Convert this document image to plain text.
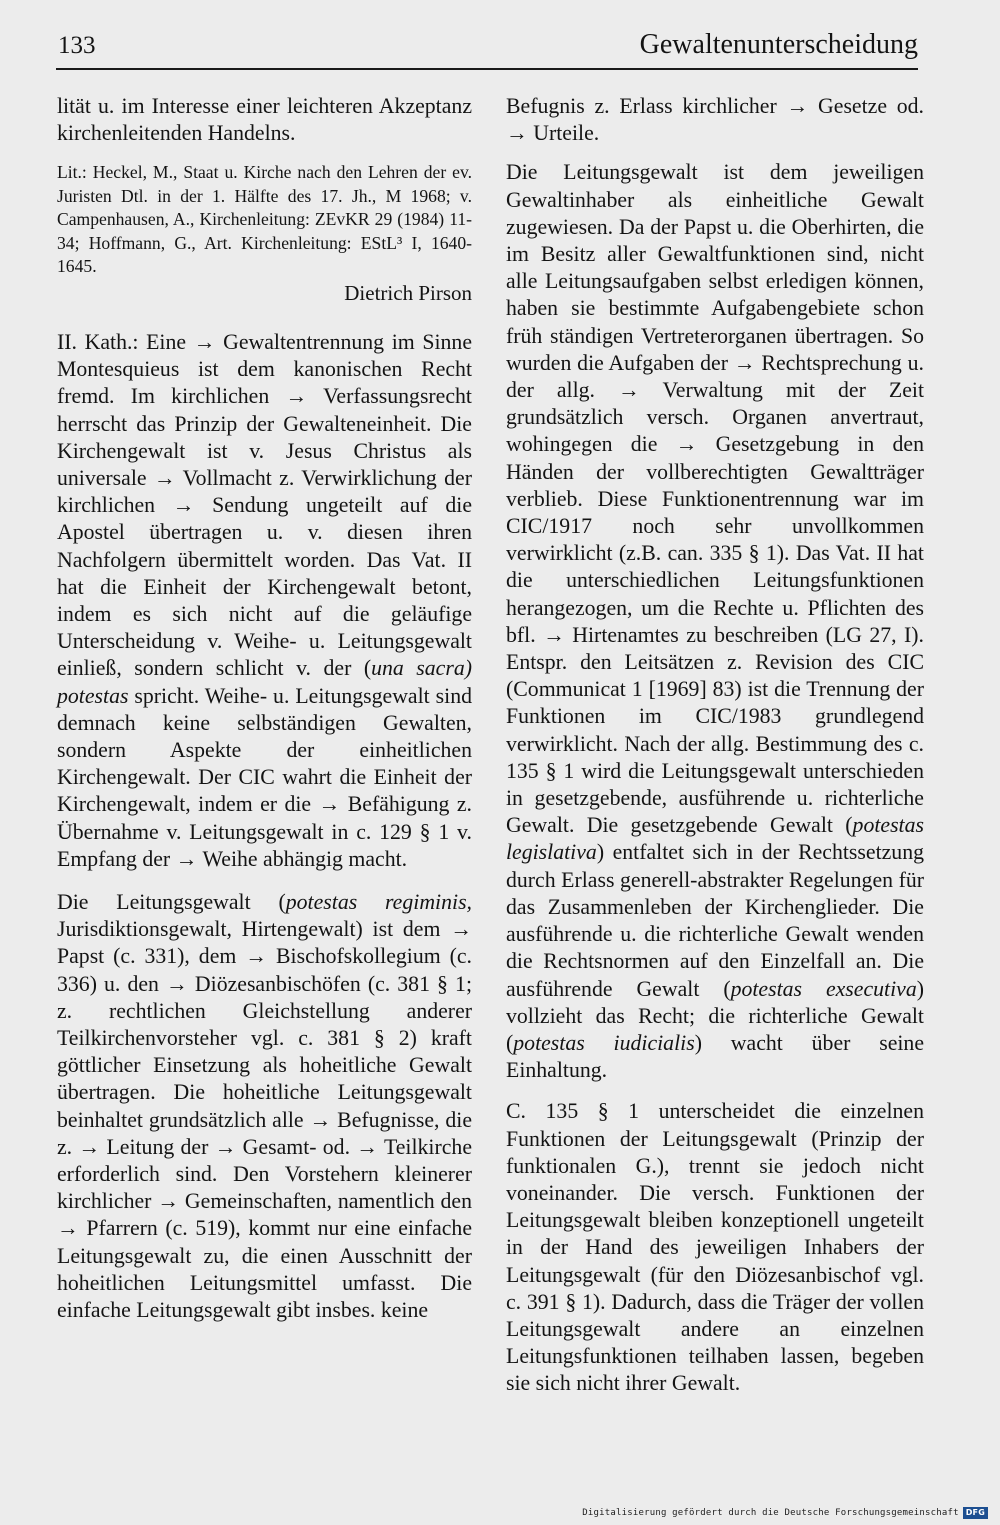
133	Gewaltenunterscheidung

lität u. im Interesse einer leichteren Akzeptanz kirchenleitenden Handelns.

Lit.: Heckel, M., Staat u. Kirche nach den Lehren der ev. Juristen Dtl. in der 1. Hälfte des 17. Jh., M 1968; v. Campenhausen, A., Kirchenleitung: ZEvKR 29 (1984) 11-34; Hoffmann, G., Art. Kirchenleitung: EStL³ I, 1640-1645.

Dietrich Pirson

II. Kath.: Eine → Gewaltentrennung im Sinne Montesquieus ist dem kanonischen Recht fremd. Im kirchlichen → Verfassungsrecht herrscht das Prinzip der Gewalteneinheit. Die Kirchengewalt ist v. Jesus Christus als universale → Vollmacht z. Verwirklichung der kirchlichen → Sendung ungeteilt auf die Apostel übertragen u. v. diesen ihren Nachfolgern übermittelt worden. Das Vat. II hat die Einheit der Kirchengewalt betont, indem es sich nicht auf die geläufige Unterscheidung v. Weihe- u. Leitungsgewalt einließ, sondern schlicht v. der (una sacra) potestas spricht. Weihe- u. Leitungsgewalt sind demnach keine selbständigen Gewalten, sondern Aspekte der einheitlichen Kirchengewalt. Der CIC wahrt die Einheit der Kirchengewalt, indem er die → Befähigung z. Übernahme v. Leitungsgewalt in c. 129 § 1 v. Empfang der → Weihe abhängig macht.

Die Leitungsgewalt (potestas regiminis, Jurisdiktionsgewalt, Hirtengewalt) ist dem → Papst (c. 331), dem → Bischofskollegium (c. 336) u. den → Diözesanbischöfen (c. 381 § 1; z. rechtlichen Gleichstellung anderer Teilkirchenvorsteher vgl. c. 381 § 2) kraft göttlicher Einsetzung als hoheitliche Gewalt übertragen. Die hoheitliche Leitungsgewalt beinhaltet grundsätzlich alle → Befugnisse, die z. → Leitung der → Gesamt- od. → Teilkirche erforderlich sind. Den Vorstehern kleinerer kirchlicher → Gemeinschaften, namentlich den → Pfarrern (c. 519), kommt nur eine einfache Leitungsgewalt zu, die einen Ausschnitt der hoheitlichen Leitungsmittel umfasst. Die einfache Leitungsgewalt gibt insbes. keine

Befugnis z. Erlass kirchlicher → Gesetze od. → Urteile.

Die Leitungsgewalt ist dem jeweiligen Gewaltinhaber als einheitliche Gewalt zugewiesen. Da der Papst u. die Oberhirten, die im Besitz aller Gewaltfunktionen sind, nicht alle Leitungsaufgaben selbst erledigen können, haben sie bestimmte Aufgabengebiete schon früh ständigen Vertreterorganen übertragen. So wurden die Aufgaben der → Rechtsprechung u. der allg. → Verwaltung mit der Zeit grundsätzlich versch. Organen anvertraut, wohingegen die → Gesetzgebung in den Händen der vollberechtigten Gewaltträger verblieb. Diese Funktionentrennung war im CIC/1917 noch sehr unvollkommen verwirklicht (z.B. can. 335 § 1). Das Vat. II hat die unterschiedlichen Leitungsfunktionen herangezogen, um die Rechte u. Pflichten des bfl. → Hirtenamtes zu beschreiben (LG 27, I). Entspr. den Leitsätzen z. Revision des CIC (Communicat 1 [1969] 83) ist die Trennung der Funktionen im CIC/1983 grundlegend verwirklicht. Nach der allg. Bestimmung des c. 135 § 1 wird die Leitungsgewalt unterschieden in gesetzgebende, ausführende u. richterliche Gewalt. Die gesetzgebende Gewalt (potestas legislativa) entfaltet sich in der Rechtssetzung durch Erlass generell-abstrakter Regelungen für das Zusammenleben der Kirchenglieder. Die ausführende u. die richterliche Gewalt wenden die Rechtsnormen auf den Einzelfall an. Die ausführende Gewalt (potestas exsecutiva) vollzieht das Recht; die richterliche Gewalt (potestas iudicialis) wacht über seine Einhaltung.

C. 135 § 1 unterscheidet die einzelnen Funktionen der Leitungsgewalt (Prinzip der funktionalen G.), trennt sie jedoch nicht voneinander. Die versch. Funktionen der Leitungsgewalt bleiben konzeptionell ungeteilt in der Hand des jeweiligen Inhabers der Leitungsgewalt (für den Diözesanbischof vgl. c. 391 § 1). Dadurch, dass die Träger der vollen Leitungsgewalt andere an einzelnen Leitungsfunktionen teilhaben lassen, begeben sie sich nicht ihrer Gewalt.

Digitalisierung gefördert durch die Deutsche Forschungsgemeinschaft DFG
